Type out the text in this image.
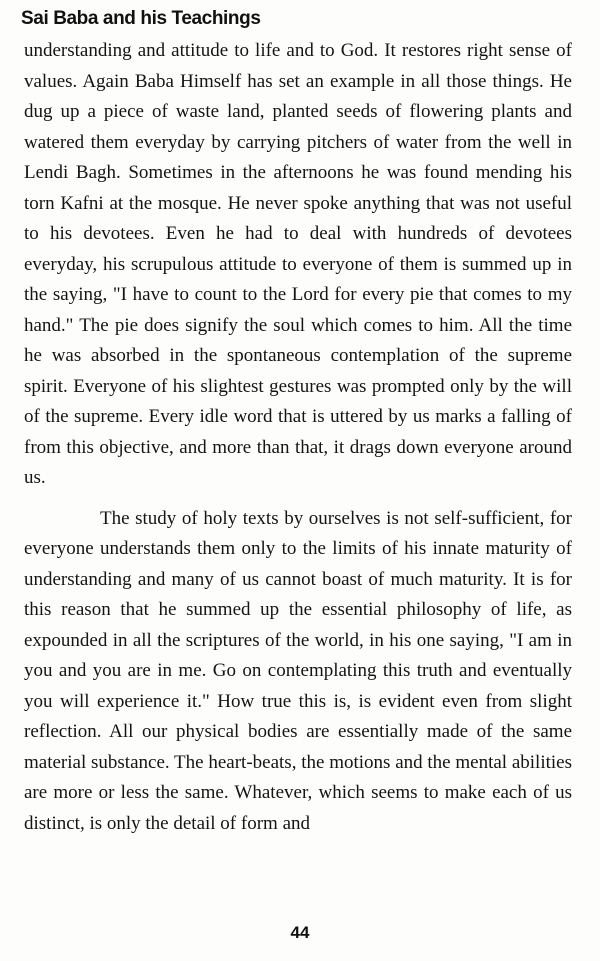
Sai Baba and his Teachings

understanding and attitude to life and to God. It restores right sense of values. Again Baba Himself has set an example in all those things. He dug up a piece of waste land, planted seeds of flowering plants and watered them everyday by carrying pitchers of water from the well in Lendi Bagh. Sometimes in the afternoons he was found mending his torn Kafni at the mosque. He never spoke anything that was not useful to his devotees. Even he had to deal with hundreds of devotees everyday, his scrupulous attitude to everyone of them is summed up in the saying, "I have to count to the Lord for every pie that comes to my hand." The pie does signify the soul which comes to him. All the time he was absorbed in the spontaneous contemplation of the supreme spirit. Everyone of his slightest gestures was prompted only by the will of the supreme. Every idle word that is uttered by us marks a falling of from this objective, and more than that, it drags down everyone around us.

The study of holy texts by ourselves is not self-sufficient, for everyone understands them only to the limits of his innate maturity of understanding and many of us cannot boast of much maturity. It is for this reason that he summed up the essential philosophy of life, as expounded in all the scriptures of the world, in his one saying, "I am in you and you are in me. Go on contemplating this truth and eventually you will experience it." How true this is, is evident even from slight reflection. All our physical bodies are essentially made of the same material substance. The heart-beats, the motions and the mental abilities are more or less the same. Whatever, which seems to make each of us distinct, is only the detail of form and

44
